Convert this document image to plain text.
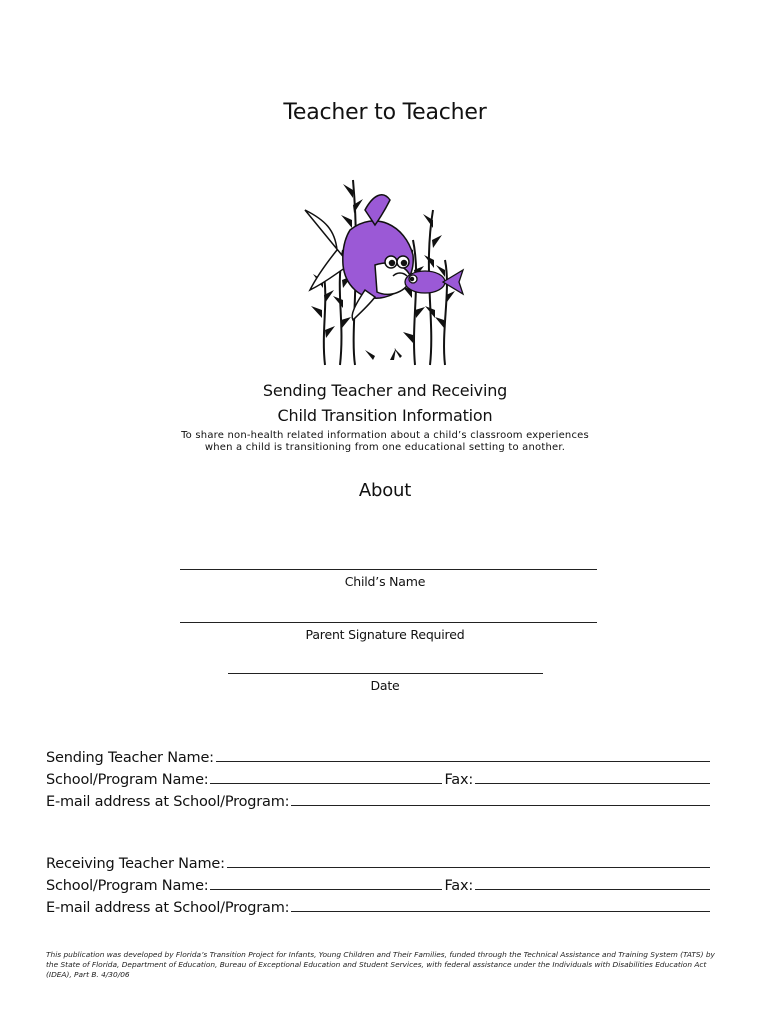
Teacher to Teacher
Sending Teacher and Receiving
Child Transition Information
To share non-health related information about a child’s classroom experiences
when a child is transitioning from one educational setting to another.
About
Child’s Name
Parent Signature Required
Date
Sending Teacher Name:
School/Program Name:	Fax:
E-mail address at School/Program:
Receiving Teacher Name:
School/Program Name:	Fax:
E-mail address at School/Program:
This publication was developed by Florida’s Transition Project for Infants, Young Children and Their Families, funded through the Technical Assistance and Training System (TATS) by the State of Florida, Department of Education, Bureau of Exceptional Education and Student Services, with federal assistance under the Individuals with Disabilities Education Act (IDEA), Part B. 4/30/06
